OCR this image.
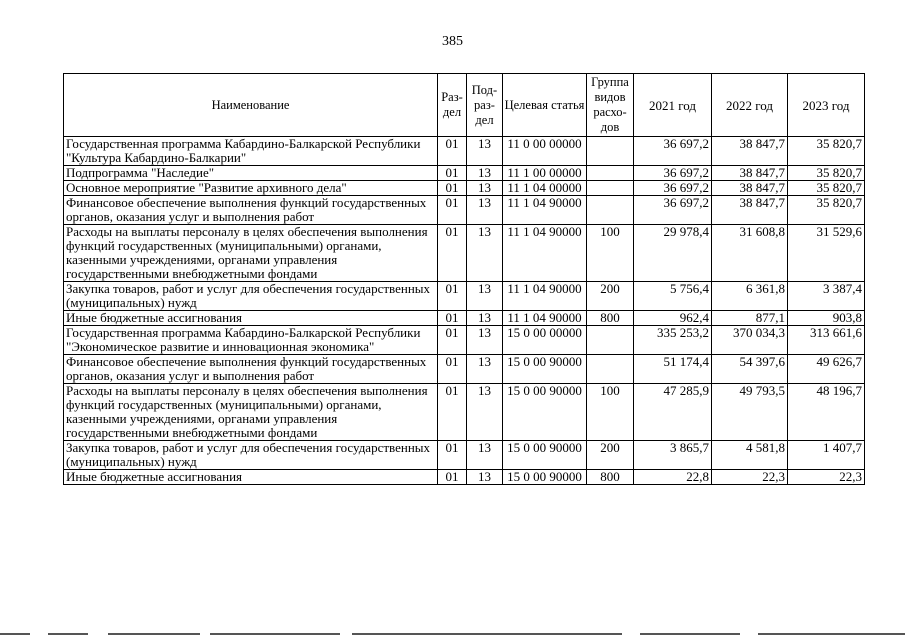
385
Наименование	Раз-дел	Под-раз-дел	Целевая статья	Группа видов расхо-дов	2021 год	2022 год	2023 год
Государственная программа Кабардино-Балкарской Республики "Культура Кабардино-Балкарии"	01	13	11 0 00 00000		36 697,2	38 847,7	35 820,7
Подпрограмма "Наследие"	01	13	11 1 00 00000		36 697,2	38 847,7	35 820,7
Основное мероприятие "Развитие архивного дела"	01	13	11 1 04 00000		36 697,2	38 847,7	35 820,7
Финансовое обеспечение выполнения функций государственных органов, оказания услуг и выполнения работ	01	13	11 1 04 90000		36 697,2	38 847,7	35 820,7
Расходы на выплаты персоналу в целях обеспечения выполнения функций государственных (муниципальными) органами, казенными учреждениями, органами управления государственными внебюджетными фондами	01	13	11 1 04 90000	100	29 978,4	31 608,8	31 529,6
Закупка товаров, работ и услуг для обеспечения государственных (муниципальных) нужд	01	13	11 1 04 90000	200	5 756,4	6 361,8	3 387,4
Иные бюджетные ассигнования	01	13	11 1 04 90000	800	962,4	877,1	903,8
Государственная программа Кабардино-Балкарской Республики "Экономическое развитие и инновационная экономика"	01	13	15 0 00 00000		335 253,2	370 034,3	313 661,6
Финансовое обеспечение выполнения функций государственных органов, оказания услуг и выполнения работ	01	13	15 0 00 90000		51 174,4	54 397,6	49 626,7
Расходы на выплаты персоналу в целях обеспечения выполнения функций государственных (муниципальными) органами, казенными учреждениями, органами управления государственными внебюджетными фондами	01	13	15 0 00 90000	100	47 285,9	49 793,5	48 196,7
Закупка товаров, работ и услуг для обеспечения государственных (муниципальных) нужд	01	13	15 0 00 90000	200	3 865,7	4 581,8	1 407,7
Иные бюджетные ассигнования	01	13	15 0 00 90000	800	22,8	22,3	22,3
